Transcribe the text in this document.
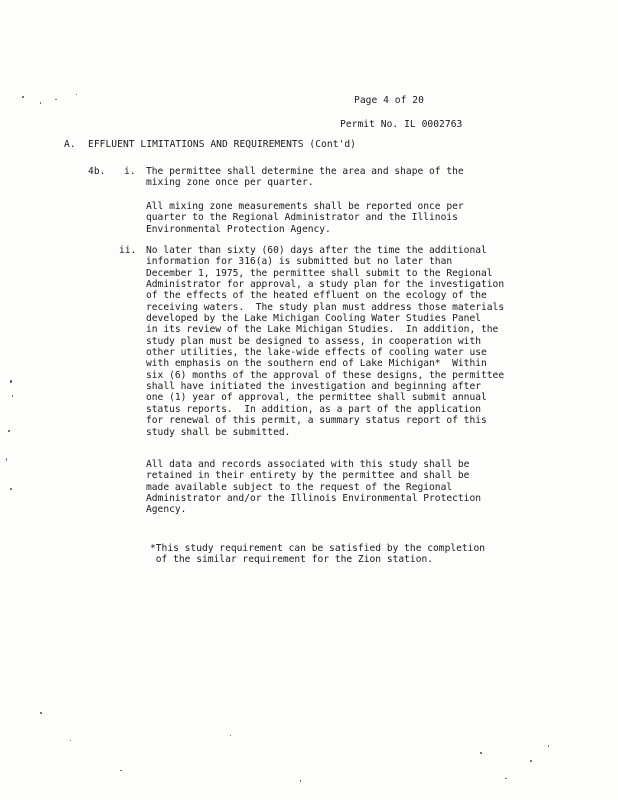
Page 4 of 20
Permit No. IL 0002763
A. EFFLUENT LIMITATIONS AND REQUIREMENTS (Cont'd)
4b. i. The permittee shall determine the area and shape of the
mixing zone once per quarter.
All mixing zone measurements shall be reported once per
quarter to the Regional Administrator and the Illinois
Environmental Protection Agency.
ii. No later than sixty (60) days after the time the additional
information for 316(a) is submitted but no later than
December 1, 1975, the permittee shall submit to the Regional
Administrator for approval, a study plan for the investigation
of the effects of the heated effluent on the ecology of the
receiving waters.  The study plan must address those materials
developed by the Lake Michigan Cooling Water Studies Panel
in its review of the Lake Michigan Studies.  In addition, the
study plan must be designed to assess, in cooperation with
other utilities, the lake-wide effects of cooling water use
with emphasis on the southern end of Lake Michigan*  Within
six (6) months of the approval of these designs, the permittee
shall have initiated the investigation and beginning after
one (1) year of approval, the permittee shall submit annual
status reports.  In addition, as a part of the application
for renewal of this permit, a summary status report of this
study shall be submitted.
All data and records associated with this study shall be
retained in their entirety by the permittee and shall be
made available subject to the request of the Regional
Administrator and/or the Illinois Environmental Protection
Agency.
*This study requirement can be satisfied by the completion
of the similar requirement for the Zion station.
